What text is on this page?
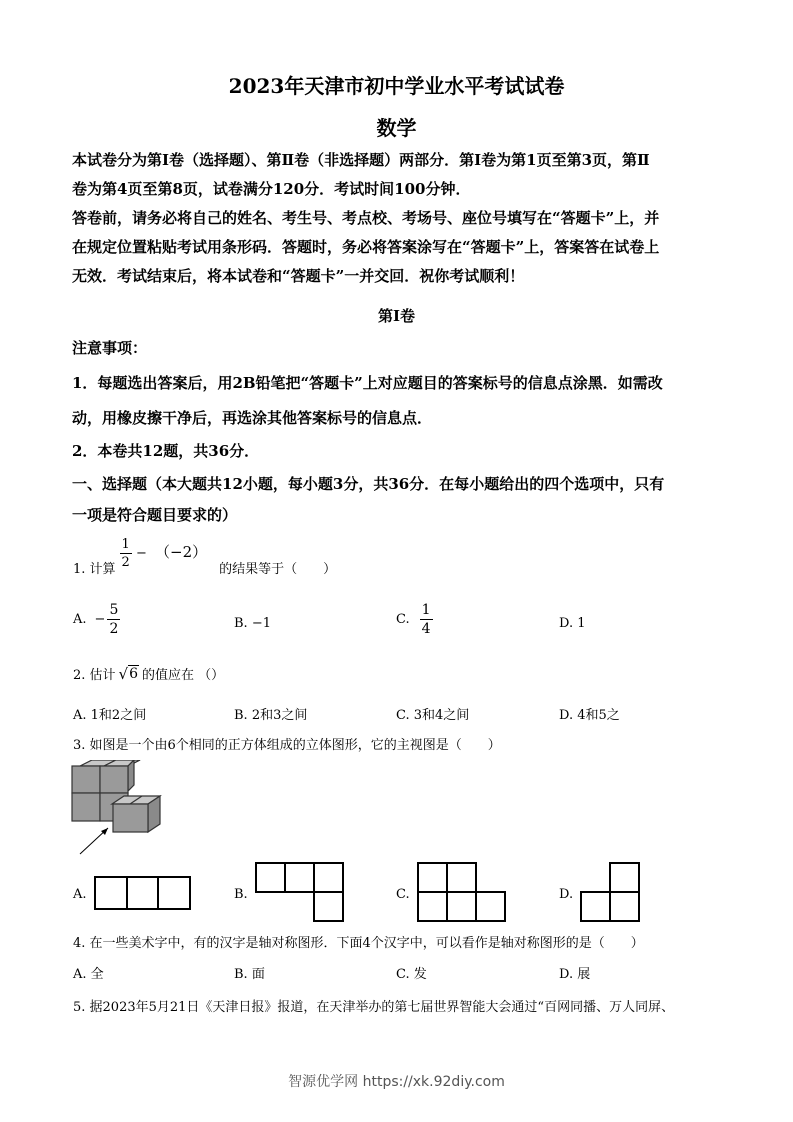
2023年天津市初中学业水平考试试卷
数学
本试卷分为第Ⅰ卷（选择题）、第Ⅱ卷（非选择题）两部分．第Ⅰ卷为第1页至第3页，第Ⅱ
卷为第4页至第8页，试卷满分120分．考试时间100分钟．
答卷前，请务必将自己的姓名、考生号、考点校、考场号、座位号填写在“答题卡”上，并
在规定位置粘贴考试用条形码．答题时，务必将答案涂写在“答题卡”上，答案答在试卷上
无效．考试结束后，将本试卷和“答题卡”一并交回．祝你考试顺利！
第Ⅰ卷
注意事项：
1．每题选出答案后，用2B铅笔把“答题卡”上对应题目的答案标号的信息点涂黑．如需改
动，用橡皮擦干净后，再选涂其他答案标号的信息点．
2．本卷共12题，共36分．
一、选择题（本大题共12小题，每小题3分，共36分．在每小题给出的四个选项中，只有
一项是符合题目要求的）
1. 计算
$\frac{1}{2} - (-2)$
的结果等于（　　）
A. − $\frac{5}{2}$	B. −1	C. $\frac{1}{4}$	D. 1
2. 估计 √ 6 的值应在 （）
A. 1和2之间	B. 2和3之间	C. 3和4之间	D. 4和5之
3. 如图是一个由6个相同的正方体组成的立体图形，它的主视图是（　　）
A.	B.	C.	D.
4. 在一些美术字中，有的汉字是轴对称图形．下面4个汉字中，可以看作是轴对称图形的是（　　）
A. 全	B. 面	C. 发	D. 展
5. 据2023年5月21日《天津日报》报道，在天津举办的第七届世界智能大会通过“百网同播、万人同屏、
智源优学网 https://xk.92diy.com
